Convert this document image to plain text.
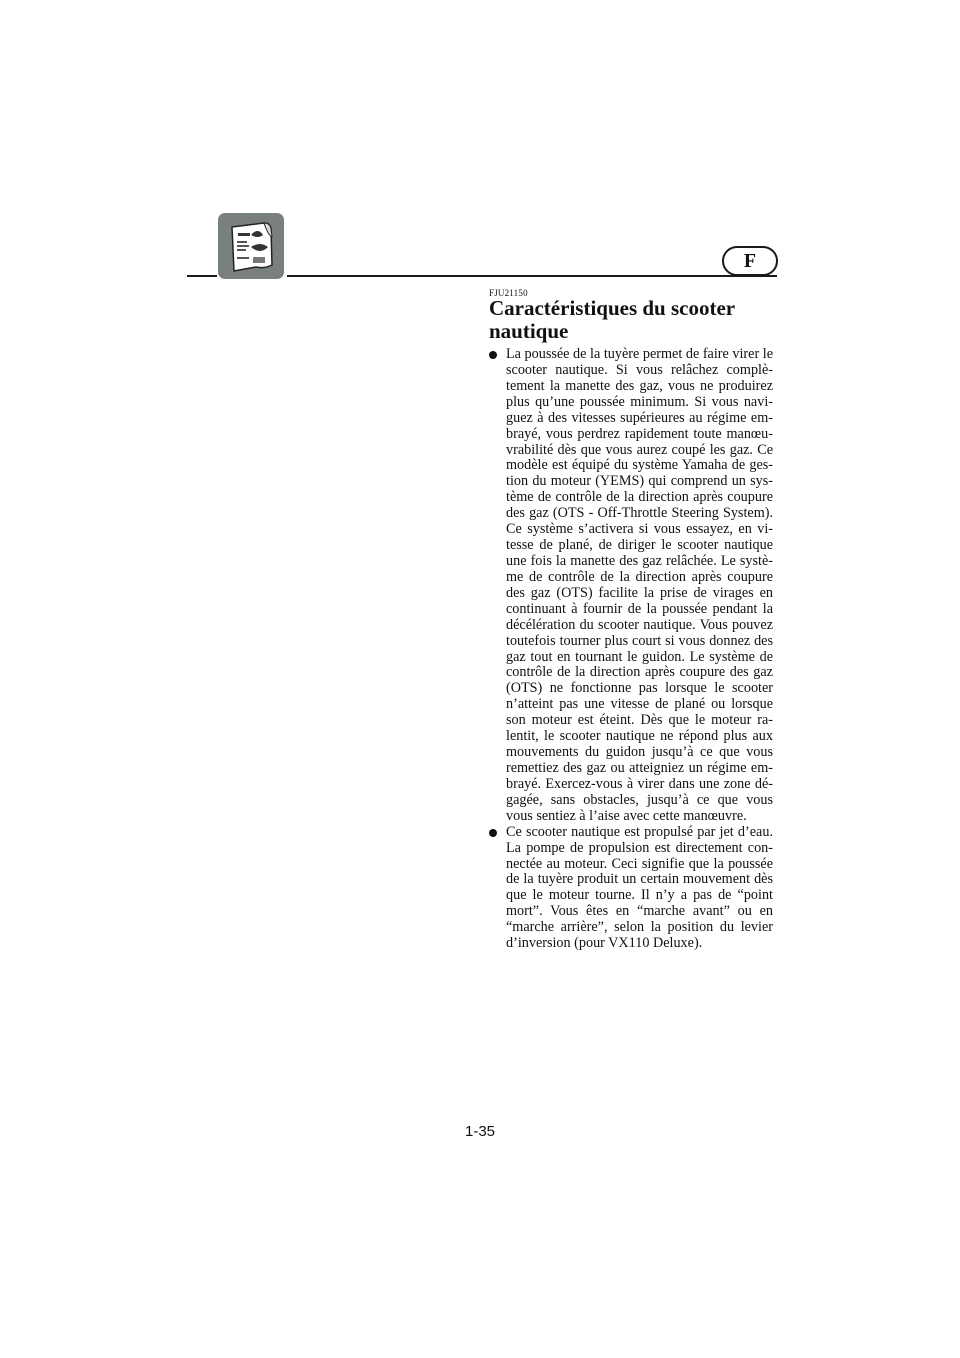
F
FJU21150
Caractéristiques du scooter
nautique

La poussée de la tuyère permet de faire virer le scooter nautique. Si vous relâchez complè-tement la manette des gaz, vous ne produirez plus qu’une poussée minimum. Si vous navi-guez à des vitesses supérieures au régime em-brayé, vous perdrez rapidement toute manœu-vrabilité dès que vous aurez coupé les gaz. Ce modèle est équipé du système Yamaha de ges-tion du moteur (YEMS) qui comprend un sys-tème de contrôle de la direction après coupure des gaz (OTS - Off-Throttle Steering System). Ce système s’activera si vous essayez, en vi-tesse de plané, de diriger le scooter nautique une fois la manette des gaz relâchée. Le systè-me de contrôle de la direction après coupure des gaz (OTS) facilite la prise de virages en continuant à fournir de la poussée pendant la décélération du scooter nautique. Vous pouvez toutefois tourner plus court si vous donnez des gaz tout en tournant le guidon. Le système de contrôle de la direction après coupure des gaz (OTS) ne fonctionne pas lorsque le scooter n’atteint pas une vitesse de plané ou lorsque son moteur est éteint. Dès que le moteur ra-lentit, le scooter nautique ne répond plus aux mouvements du guidon jusqu’à ce que vous remettiez des gaz ou atteigniez un régime em-brayé. Exercez-vous à virer dans une zone dé-gagée, sans obstacles, jusqu’à ce que vous vous sentiez à l’aise avec cette manœuvre.

Ce scooter nautique est propulsé par jet d’eau. La pompe de propulsion est directement con-nectée au moteur. Ceci signifie que la poussée de la tuyère produit un certain mouvement dès que le moteur tourne. Il n’y a pas de “point mort”. Vous êtes en “marche avant” ou en “marche arrière”, selon la position du levier d’inversion (pour VX110 Deluxe).

1-35
